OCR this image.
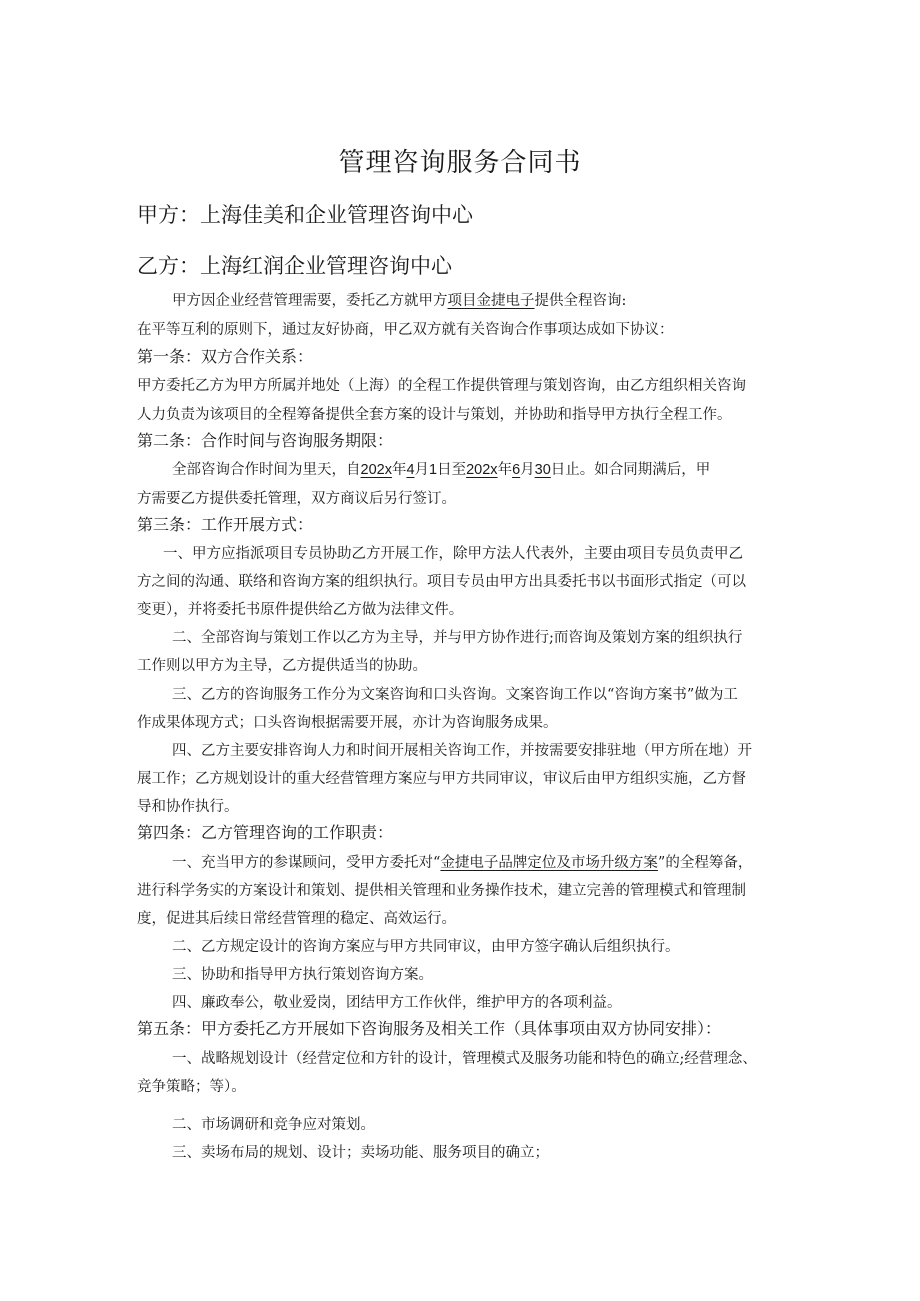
管理咨询服务合同书
甲方：上海佳美和企业管理咨询中心
乙方：上海红润企业管理咨询中心
甲方因企业经营管理需要，委托乙方就甲方项目金捷电子提供全程咨询:
在平等互利的原则下，通过友好协商，甲乙双方就有关咨询合作事项达成如下协议：
第一条：双方合作关系：
甲方委托乙方为甲方所属并地处（上海）的全程工作提供管理与策划咨询，由乙方组织相关咨询
人力负责为该项目的全程筹备提供全套方案的设计与策划，并协助和指导甲方执行全程工作。
第二条：合作时间与咨询服务期限：
全部咨询合作时间为里天，自202x年4月1日至202x年6月30日止。如合同期满后，甲
方需要乙方提供委托管理，双方商议后另行签订。
第三条：工作开展方式：
一、甲方应指派项目专员协助乙方开展工作，除甲方法人代表外，主要由项目专员负责甲乙
方之间的沟通、联络和咨询方案的组织执行。项目专员由甲方出具委托书以书面形式指定（可以
变更），并将委托书原件提供给乙方做为法律文件。
二、全部咨询与策划工作以乙方为主导，并与甲方协作进行;而咨询及策划方案的组织执行
工作则以甲方为主导，乙方提供适当的协助。
三、乙方的咨询服务工作分为文案咨询和口头咨询。文案咨询工作以“咨询方案书”做为工
作成果体现方式；口头咨询根据需要开展，亦计为咨询服务成果。
四、乙方主要安排咨询人力和时间开展相关咨询工作，并按需要安排驻地（甲方所在地）开
展工作；乙方规划设计的重大经营管理方案应与甲方共同审议，审议后由甲方组织实施，乙方督
导和协作执行。
第四条：乙方管理咨询的工作职责：
一、充当甲方的参谋顾问，受甲方委托对“金捷电子品牌定位及市场升级方案”的全程筹备，
进行科学务实的方案设计和策划、提供相关管理和业务操作技术，建立完善的管理模式和管理制
度，促进其后续日常经营管理的稳定、高效运行。
二、乙方规定设计的咨询方案应与甲方共同审议，由甲方签字确认后组织执行。
三、协助和指导甲方执行策划咨询方案。
四、廉政奉公，敬业爱岗，团结甲方工作伙伴，维护甲方的各项利益。
第五条：甲方委托乙方开展如下咨询服务及相关工作（具体事项由双方协同安排）：
一、战略规划设计（经营定位和方针的设计，管理模式及服务功能和特色的确立;经营理念、
竞争策略；等）。
二、市场调研和竞争应对策划。
三、卖场布局的规划、设计；卖场功能、服务项目的确立；
